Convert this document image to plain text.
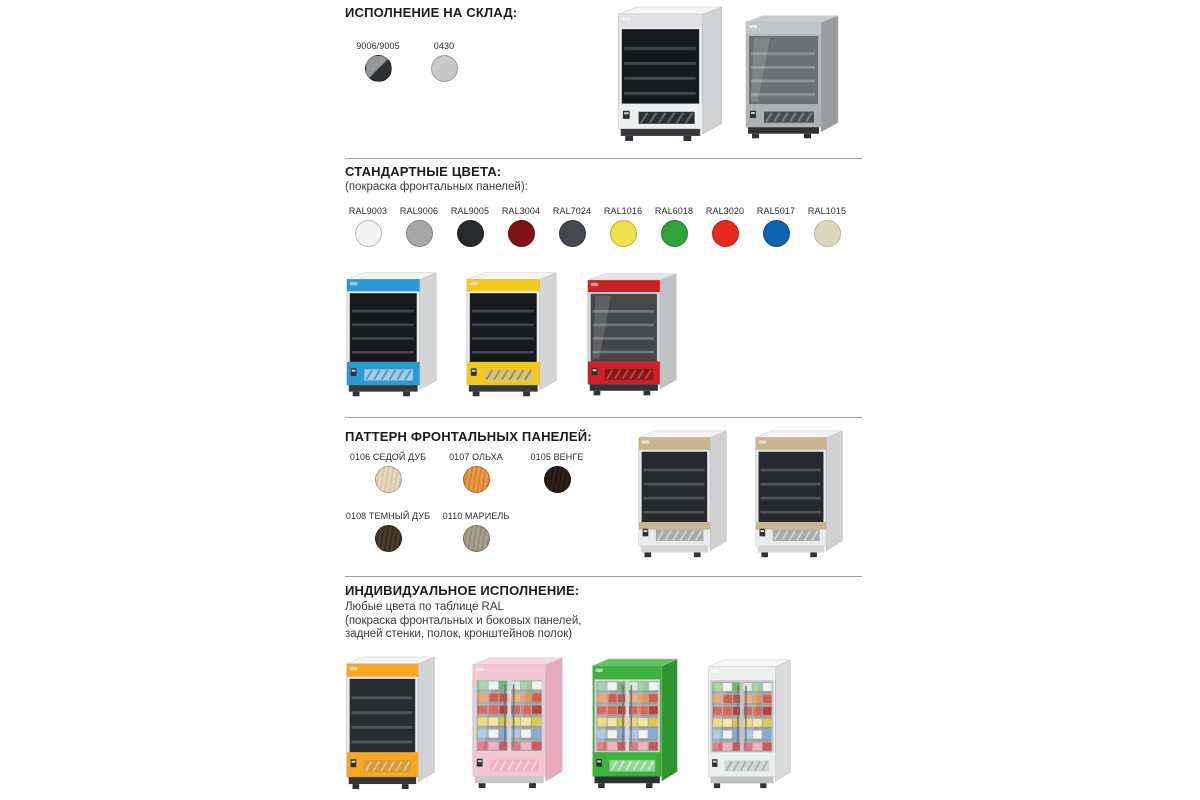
ИСПОЛНЕНИЕ НА СКЛАД:
СТАНДАРТНЫЕ ЦВЕТА:
(покраска фронтальных панелей):
ПАТТЕРН ФРОНТАЛЬНЫХ ПАНЕЛЕЙ:
ИНДИВИДУАЛЬНОЕ ИСПОЛНЕНИЕ:
Любые цвета по таблице RAL
(покраска фронтальных и боковых панелей,
задней стенки, полок, кронштейнов полок)
9006/9005	0430
RAL9003	RAL9006	RAL9005	RAL3004	RAL7024	RAL1016	RAL6018	RAL3020	RAL5017	RAL1015
0106 СЕДОЙ ДУБ	0107 ОЛЬХА	0105 ВЕНГЕ
0108 ТЕМНЫЙ ДУБ	0110 МАРИЕЛЬ
